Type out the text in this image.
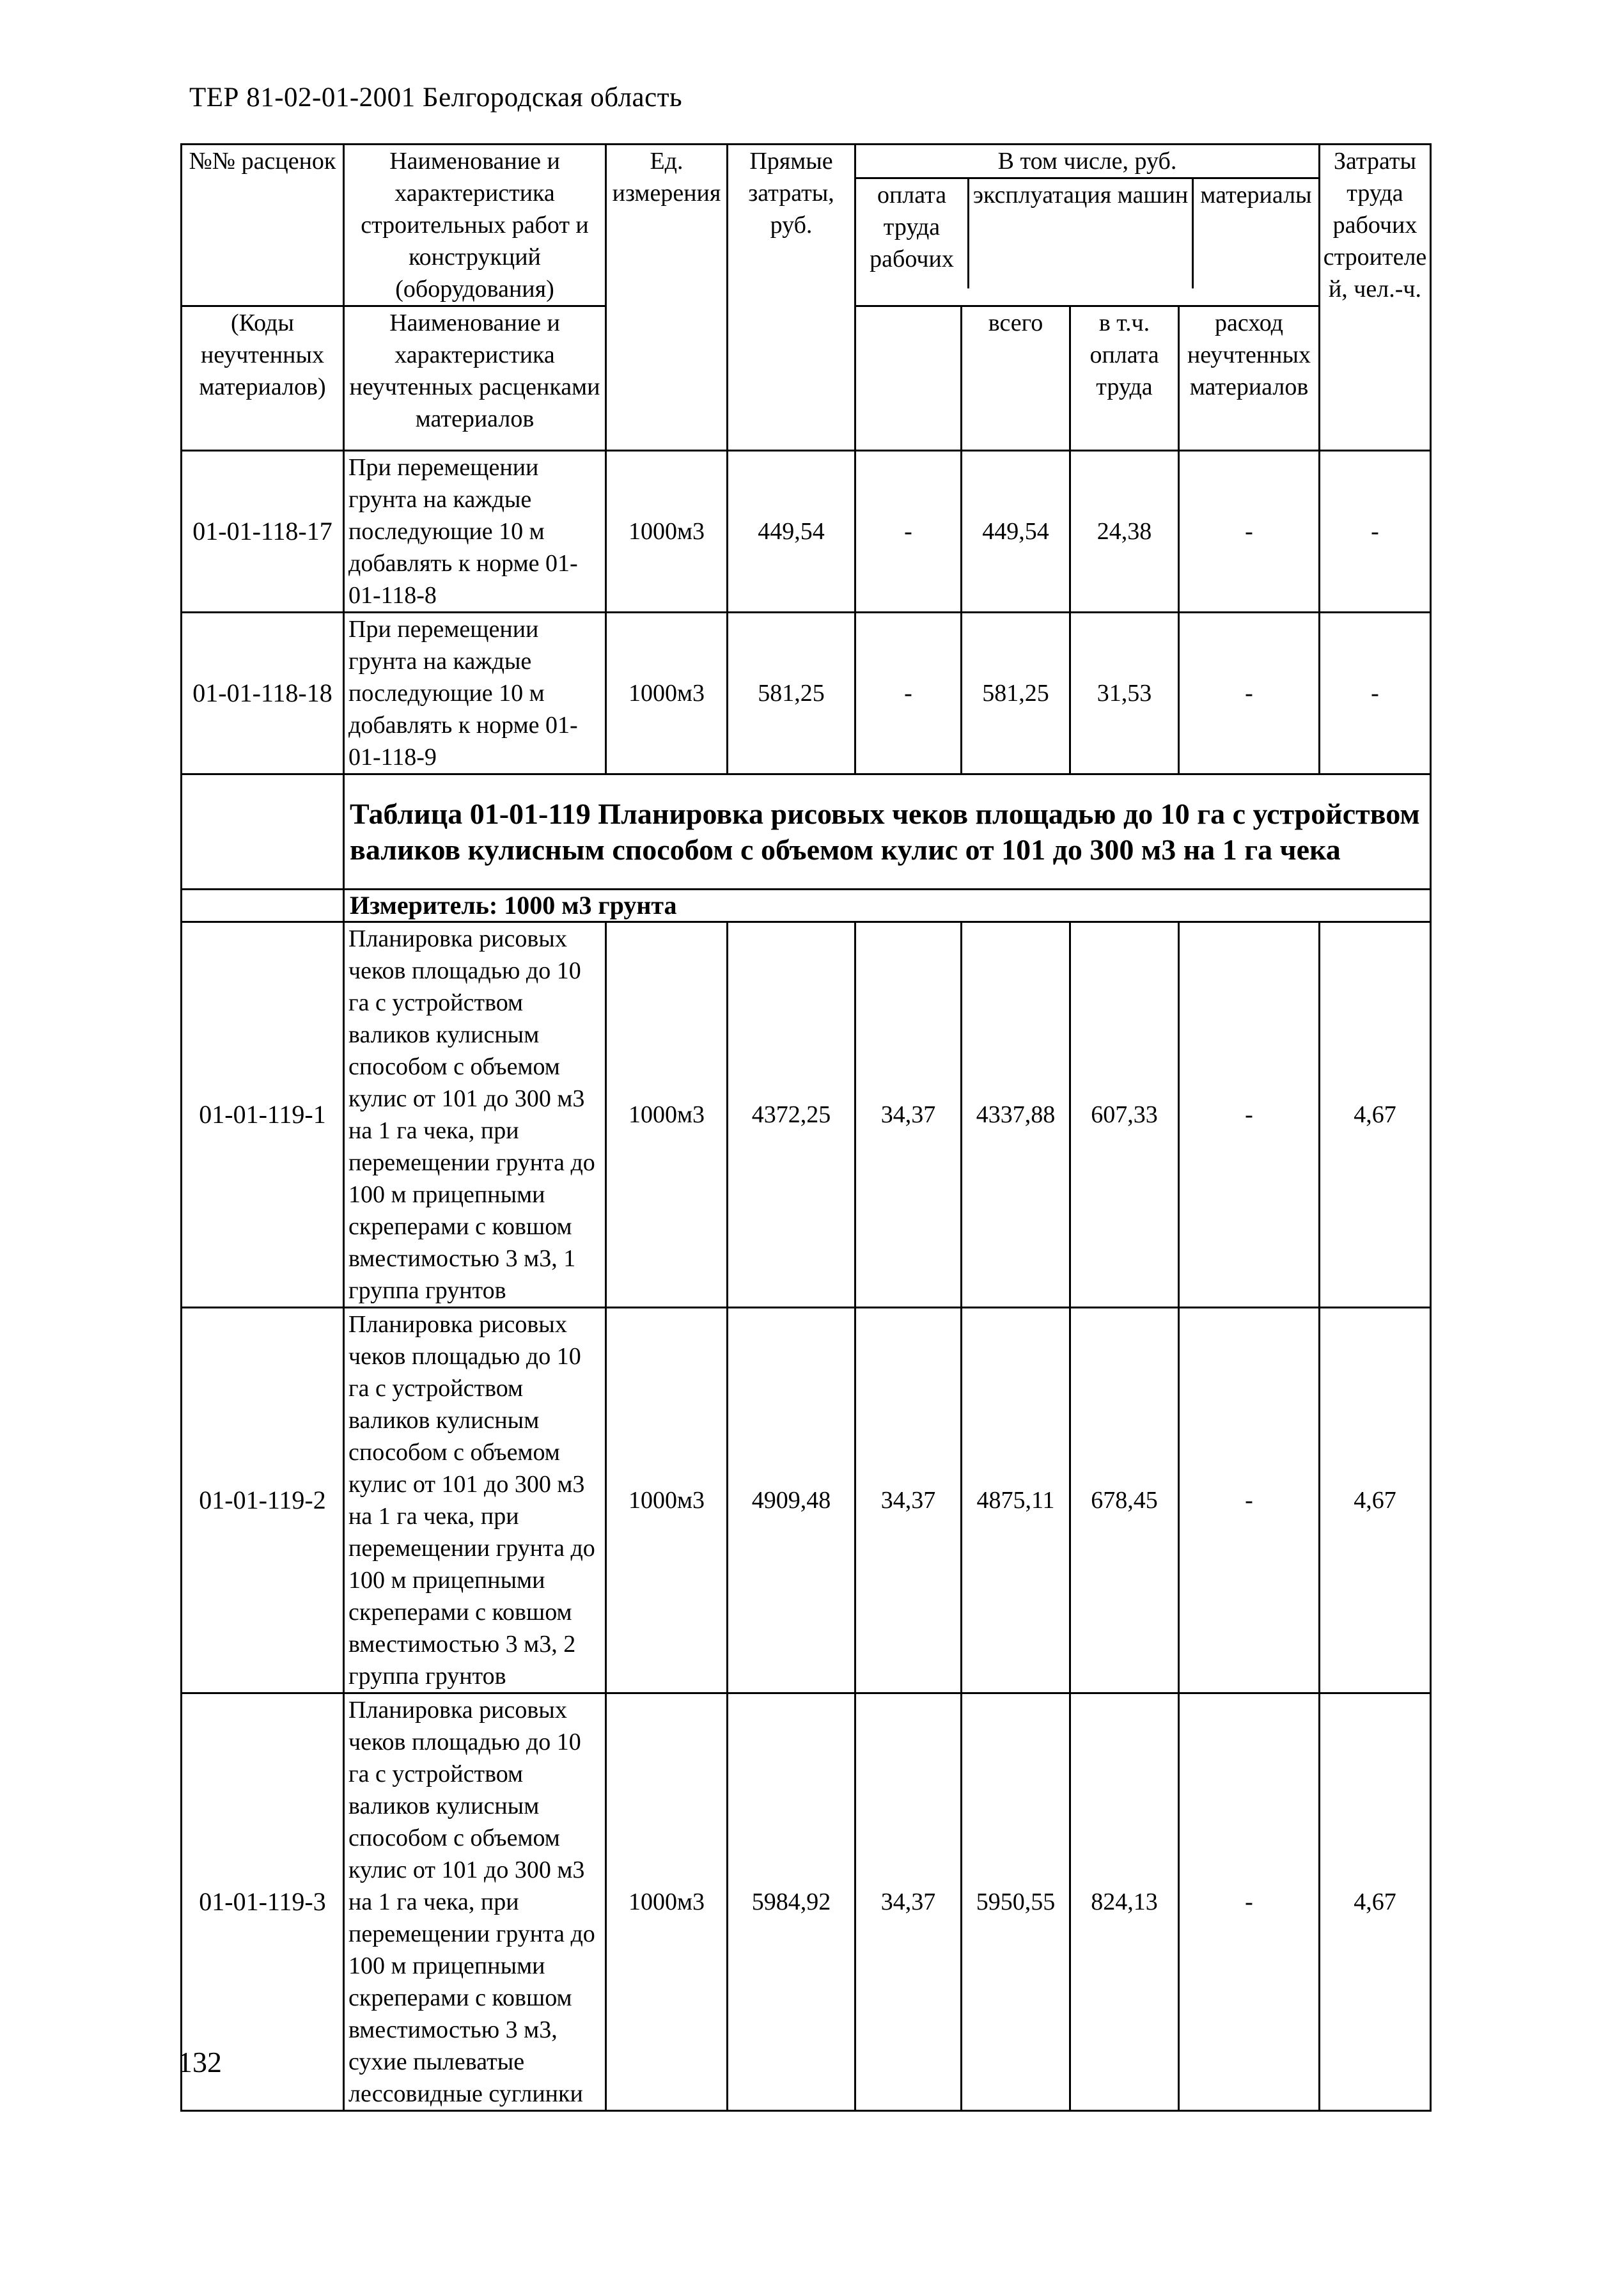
ТЕР 81-02-01-2001 Белгородская область
№№ расценок	Наименование и характеристика строительных работ и конструкций (оборудования)	Ед. измерения	Прямые затраты, руб.	
В том числе, руб.
оплата труда рабочих	эксплуатация машин	материалы
	Затраты труда рабочих строителей, чел.-ч.
(Коды неучтенных материалов)	Наименование и характеристика неучтенных расценками материалов		всего	в т.ч. оплата труда	расход неучтенных материалов
01-01-118-17	При перемещении грунта на каждые последующие 10 м добавлять к норме 01-01-118-8	1000м3	449,54	-	449,54	24,38	-	-
01-01-118-18	При перемещении грунта на каждые последующие 10 м добавлять к норме 01-01-118-9	1000м3	581,25	-	581,25	31,53	-	-
	Таблица 01-01-119 Планировка рисовых чеков площадью до 10 га с устройством валиков кулисным способом с объемом кулис от 101 до 300 м3 на 1 га чека
	Измеритель: 1000 м3 грунта
01-01-119-1	Планировка рисовых чеков площадью до 10 га с устройством валиков кулисным способом с объемом кулис от 101 до 300 м3 на 1 га чека, при перемещении грунта до 100 м прицепными скреперами с ковшом вместимостью 3 м3, 1 группа грунтов	1000м3	4372,25	34,37	4337,88	607,33	-	4,67
01-01-119-2	Планировка рисовых чеков площадью до 10 га с устройством валиков кулисным способом с объемом кулис от 101 до 300 м3 на 1 га чека, при перемещении грунта до 100 м прицепными скреперами с ковшом вместимостью 3 м3, 2 группа грунтов	1000м3	4909,48	34,37	4875,11	678,45	-	4,67
01-01-119-3	Планировка рисовых чеков площадью до 10 га с устройством валиков кулисным способом с объемом кулис от 101 до 300 м3 на 1 га чека, при перемещении грунта до 100 м прицепными скреперами с ковшом вместимостью 3 м3, сухие пылеватые лессовидные суглинки	1000м3	5984,92	34,37	5950,55	824,13	-	4,67
132
